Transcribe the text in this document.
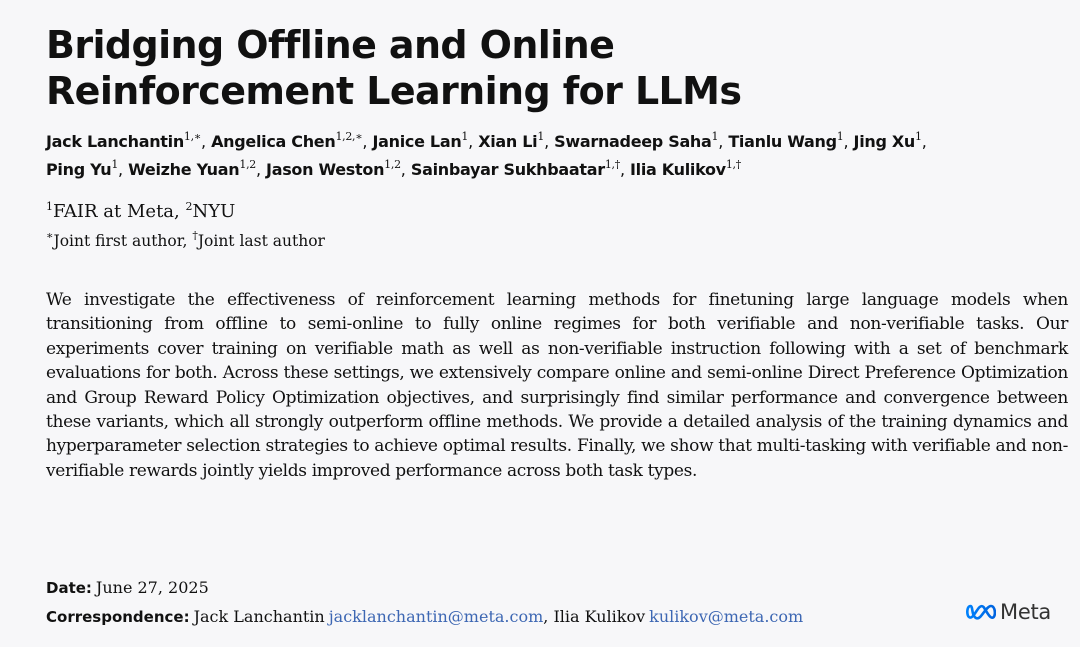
Bridging Offline and Online
Reinforcement Learning for LLMs
Jack Lanchantin$^{1,∗}$, Angelica Chen$^{1,2,∗}$, Janice Lan$^1$, Xian Li$^1$, Swarnadeep Saha$^1$, Tianlu Wang$^1$, Jing Xu$^1$,
Ping Yu$^1$, Weizhe Yuan$^{1,2}$, Jason Weston$^{1,2}$, Sainbayar Sukhbaatar$^{1,\dagger}$, Ilia Kulikov$^{1,\dagger}$
$^1$FAIR at Meta, $^2$NYU
∗Joint first author, †Joint last author

We investigate the effectiveness of reinforcement learning methods for finetuning large language models when transitioning from offline to semi-online to fully online regimes for both verifiable and non-verifiable tasks. Our experiments cover training on verifiable math as well as non-verifiable instruction following with a set of benchmark evaluations for both. Across these settings, we extensively compare online and semi-online Direct Preference Optimization and Group Reward Policy Optimization objectives, and surprisingly find similar performance and convergence between these variants, which all strongly outperform offline methods. We provide a detailed analysis of the training dynamics and hyperparameter selection strategies to achieve optimal results. Finally, we show that multi-tasking with verifiable and non-verifiable rewards jointly yields improved performance across both task types.

Date: June 27, 2025
Correspondence: Jack Lanchantin jacklanchantin@meta.com, Ilia Kulikov kulikov@meta.com	Meta
